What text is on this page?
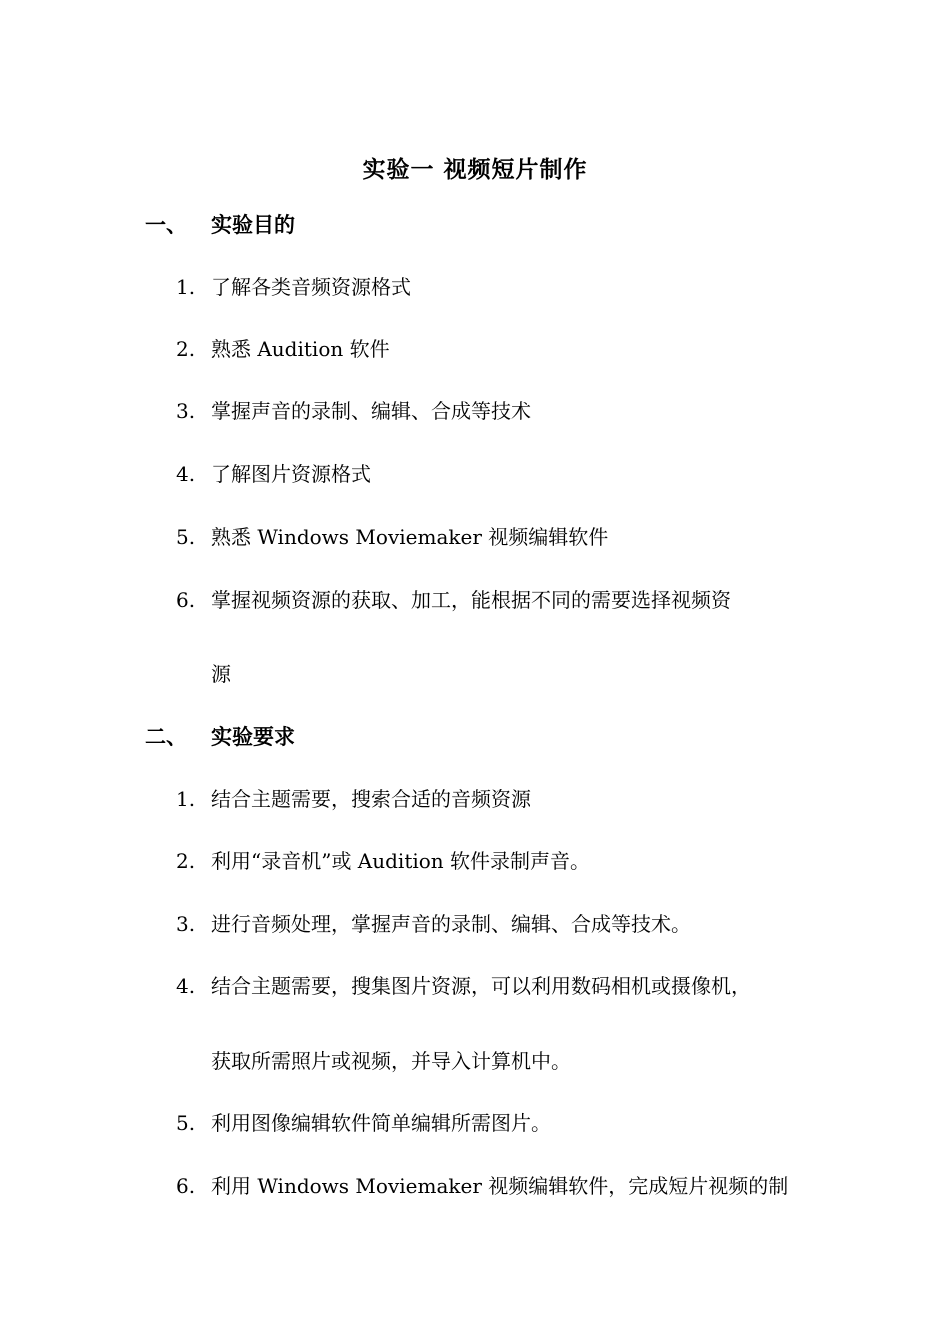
实验一 视频短片制作
一、 实验目的
1. 了解各类音频资源格式
2. 熟悉 Audition 软件
3. 掌握声音的录制、编辑、合成等技术
4. 了解图片资源格式
5. 熟悉 Windows Moviemaker 视频编辑软件
6. 掌握视频资源的获取、加工，能根据不同的需要选择视频资
源
二、 实验要求
1. 结合主题需要，搜索合适的音频资源
2. 利用“录音机”或 Audition 软件录制声音。
3. 进行音频处理，掌握声音的录制、编辑、合成等技术。
4. 结合主题需要，搜集图片资源，可以利用数码相机或摄像机，
获取所需照片或视频，并导入计算机中。
5. 利用图像编辑软件简单编辑所需图片。
6. 利用 Windows Moviemaker 视频编辑软件，完成短片视频的制
